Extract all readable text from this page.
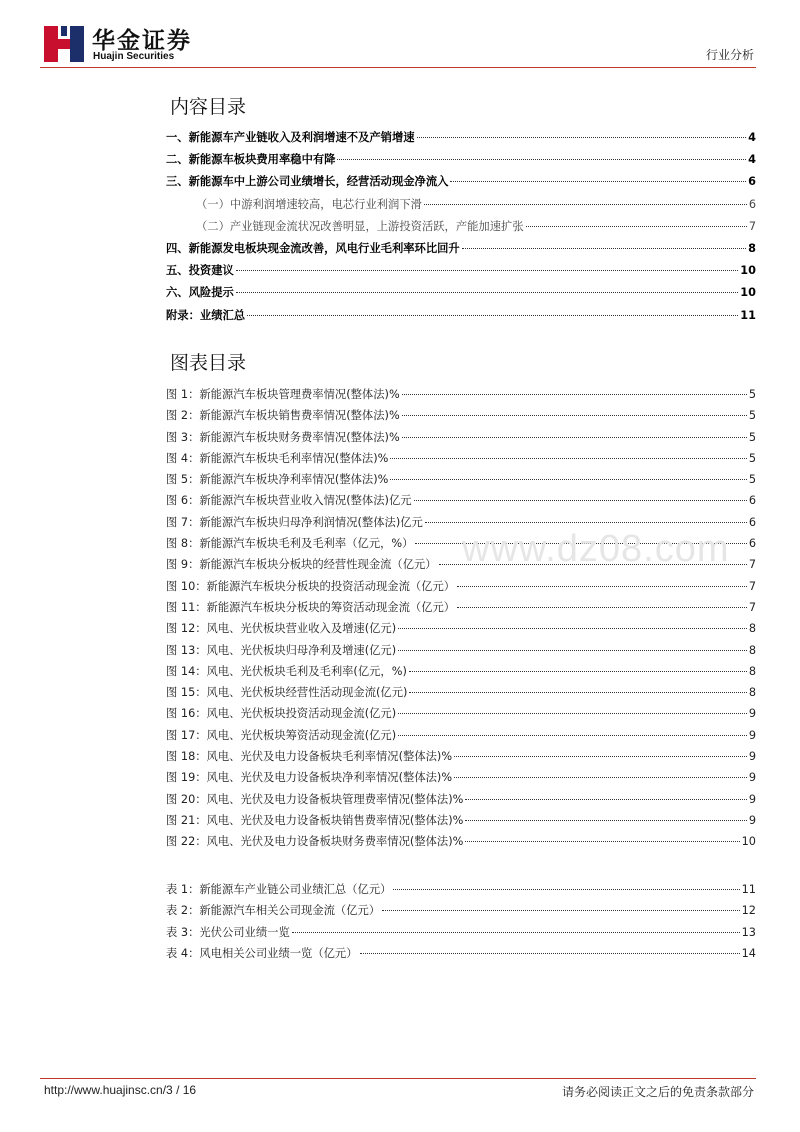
华金证券
Huajin Securities	行业分析
内容目录
一、新能源车产业链收入及利润增速不及产销增速	4
二、新能源车板块费用率稳中有降	4
三、新能源车中上游公司业绩增长，经营活动现金净流入	6
（一）中游利润增速较高，电芯行业利润下滑	6
（二）产业链现金流状况改善明显，上游投资活跃，产能加速扩张	7
四、新能源发电板块现金流改善，风电行业毛利率环比回升	8
五、投资建议	10
六、风险提示	10
附录：业绩汇总	11
图表目录
图 1：新能源汽车板块管理费率情况(整体法)%	5
图 2：新能源汽车板块销售费率情况(整体法)%	5
图 3：新能源汽车板块财务费率情况(整体法)%	5
图 4：新能源汽车板块毛利率情况(整体法)%	5
图 5：新能源汽车板块净利率情况(整体法)%	5
图 6：新能源汽车板块营业收入情况(整体法)亿元	6
图 7：新能源汽车板块归母净利润情况(整体法)亿元	6
图 8：新能源汽车板块毛利及毛利率（亿元，%）	6
图 9：新能源汽车板块分板块的经营性现金流（亿元）	7
图 10：新能源汽车板块分板块的投资活动现金流（亿元）	7
图 11：新能源汽车板块分板块的筹资活动现金流（亿元）	7
图 12：风电、光伏板块营业收入及增速(亿元)	8
图 13：风电、光伏板块归母净利及增速(亿元)	8
图 14：风电、光伏板块毛利及毛利率(亿元，%)	8
图 15：风电、光伏板块经营性活动现金流(亿元)	8
图 16：风电、光伏板块投资活动现金流(亿元)	9
图 17：风电、光伏板块筹资活动现金流(亿元)	9
图 18：风电、光伏及电力设备板块毛利率情况(整体法)%	9
图 19：风电、光伏及电力设备板块净利率情况(整体法)%	9
图 20：风电、光伏及电力设备板块管理费率情况(整体法)%	9
图 21：风电、光伏及电力设备板块销售费率情况(整体法)%	9
图 22：风电、光伏及电力设备板块财务费率情况(整体法)%	10
表 1：新能源车产业链公司业绩汇总（亿元）	11
表 2：新能源汽车相关公司现金流（亿元）	12
表 3：光伏公司业绩一览	13
表 4：风电相关公司业绩一览（亿元）	14
www.dz08.com
http://www.huajinsc.cn/3 / 16	请务必阅读正文之后的免责条款部分
